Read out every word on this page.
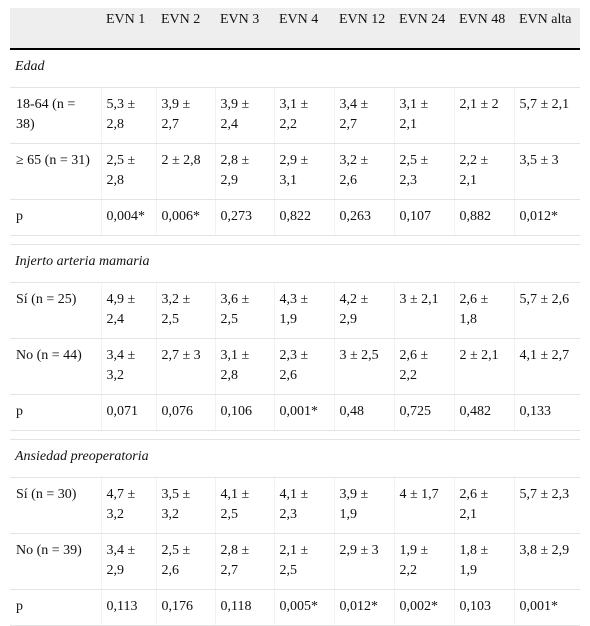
	EVN 1	EVN 2	EVN 3	EVN 4	EVN 12	EVN 24	EVN 48	EVN alta
Edad								
18-64 (n = 38)	5,3 ± 2,8	3,9 ± 2,7	3,9 ± 2,4	3,1 ± 2,2	3,4 ± 2,7	3,1 ± 2,1	2,1 ± 2	5,7 ± 2,1
≥ 65 (n = 31)	2,5 ± 2,8	2 ± 2,8	2,8 ± 2,9	2,9 ± 3,1	3,2 ± 2,6	2,5 ± 2,3	2,2 ± 2,1	3,5 ± 3
p	0,004*	0,006*	0,273	0,822	0,263	0,107	0,882	0,012*

Injerto arteria mamaria								
Sí (n = 25)	4,9 ± 2,4	3,2 ± 2,5	3,6 ± 2,5	4,3 ± 1,9	4,2 ± 2,9	3 ± 2,1	2,6 ± 1,8	5,7 ± 2,6
No (n = 44)	3,4 ± 3,2	2,7 ± 3	3,1 ± 2,8	2,3 ± 2,6	3 ± 2,5	2,6 ± 2,2	2 ± 2,1	4,1 ± 2,7
p	0,071	0,076	0,106	0,001*	0,48	0,725	0,482	0,133

Ansiedad preoperatoria								
Sí (n = 30)	4,7 ± 3,2	3,5 ± 3,2	4,1 ± 2,5	4,1 ± 2,3	3,9 ± 1,9	4 ± 1,7	2,6 ± 2,1	5,7 ± 2,3
No (n = 39)	3,4 ± 2,9	2,5 ± 2,6	2,8 ± 2,7	2,1 ± 2,5	2,9 ± 3	1,9 ± 2,2	1,8 ± 1,9	3,8 ± 2,9
p	0,113	0,176	0,118	0,005*	0,012*	0,002*	0,103	0,001*
